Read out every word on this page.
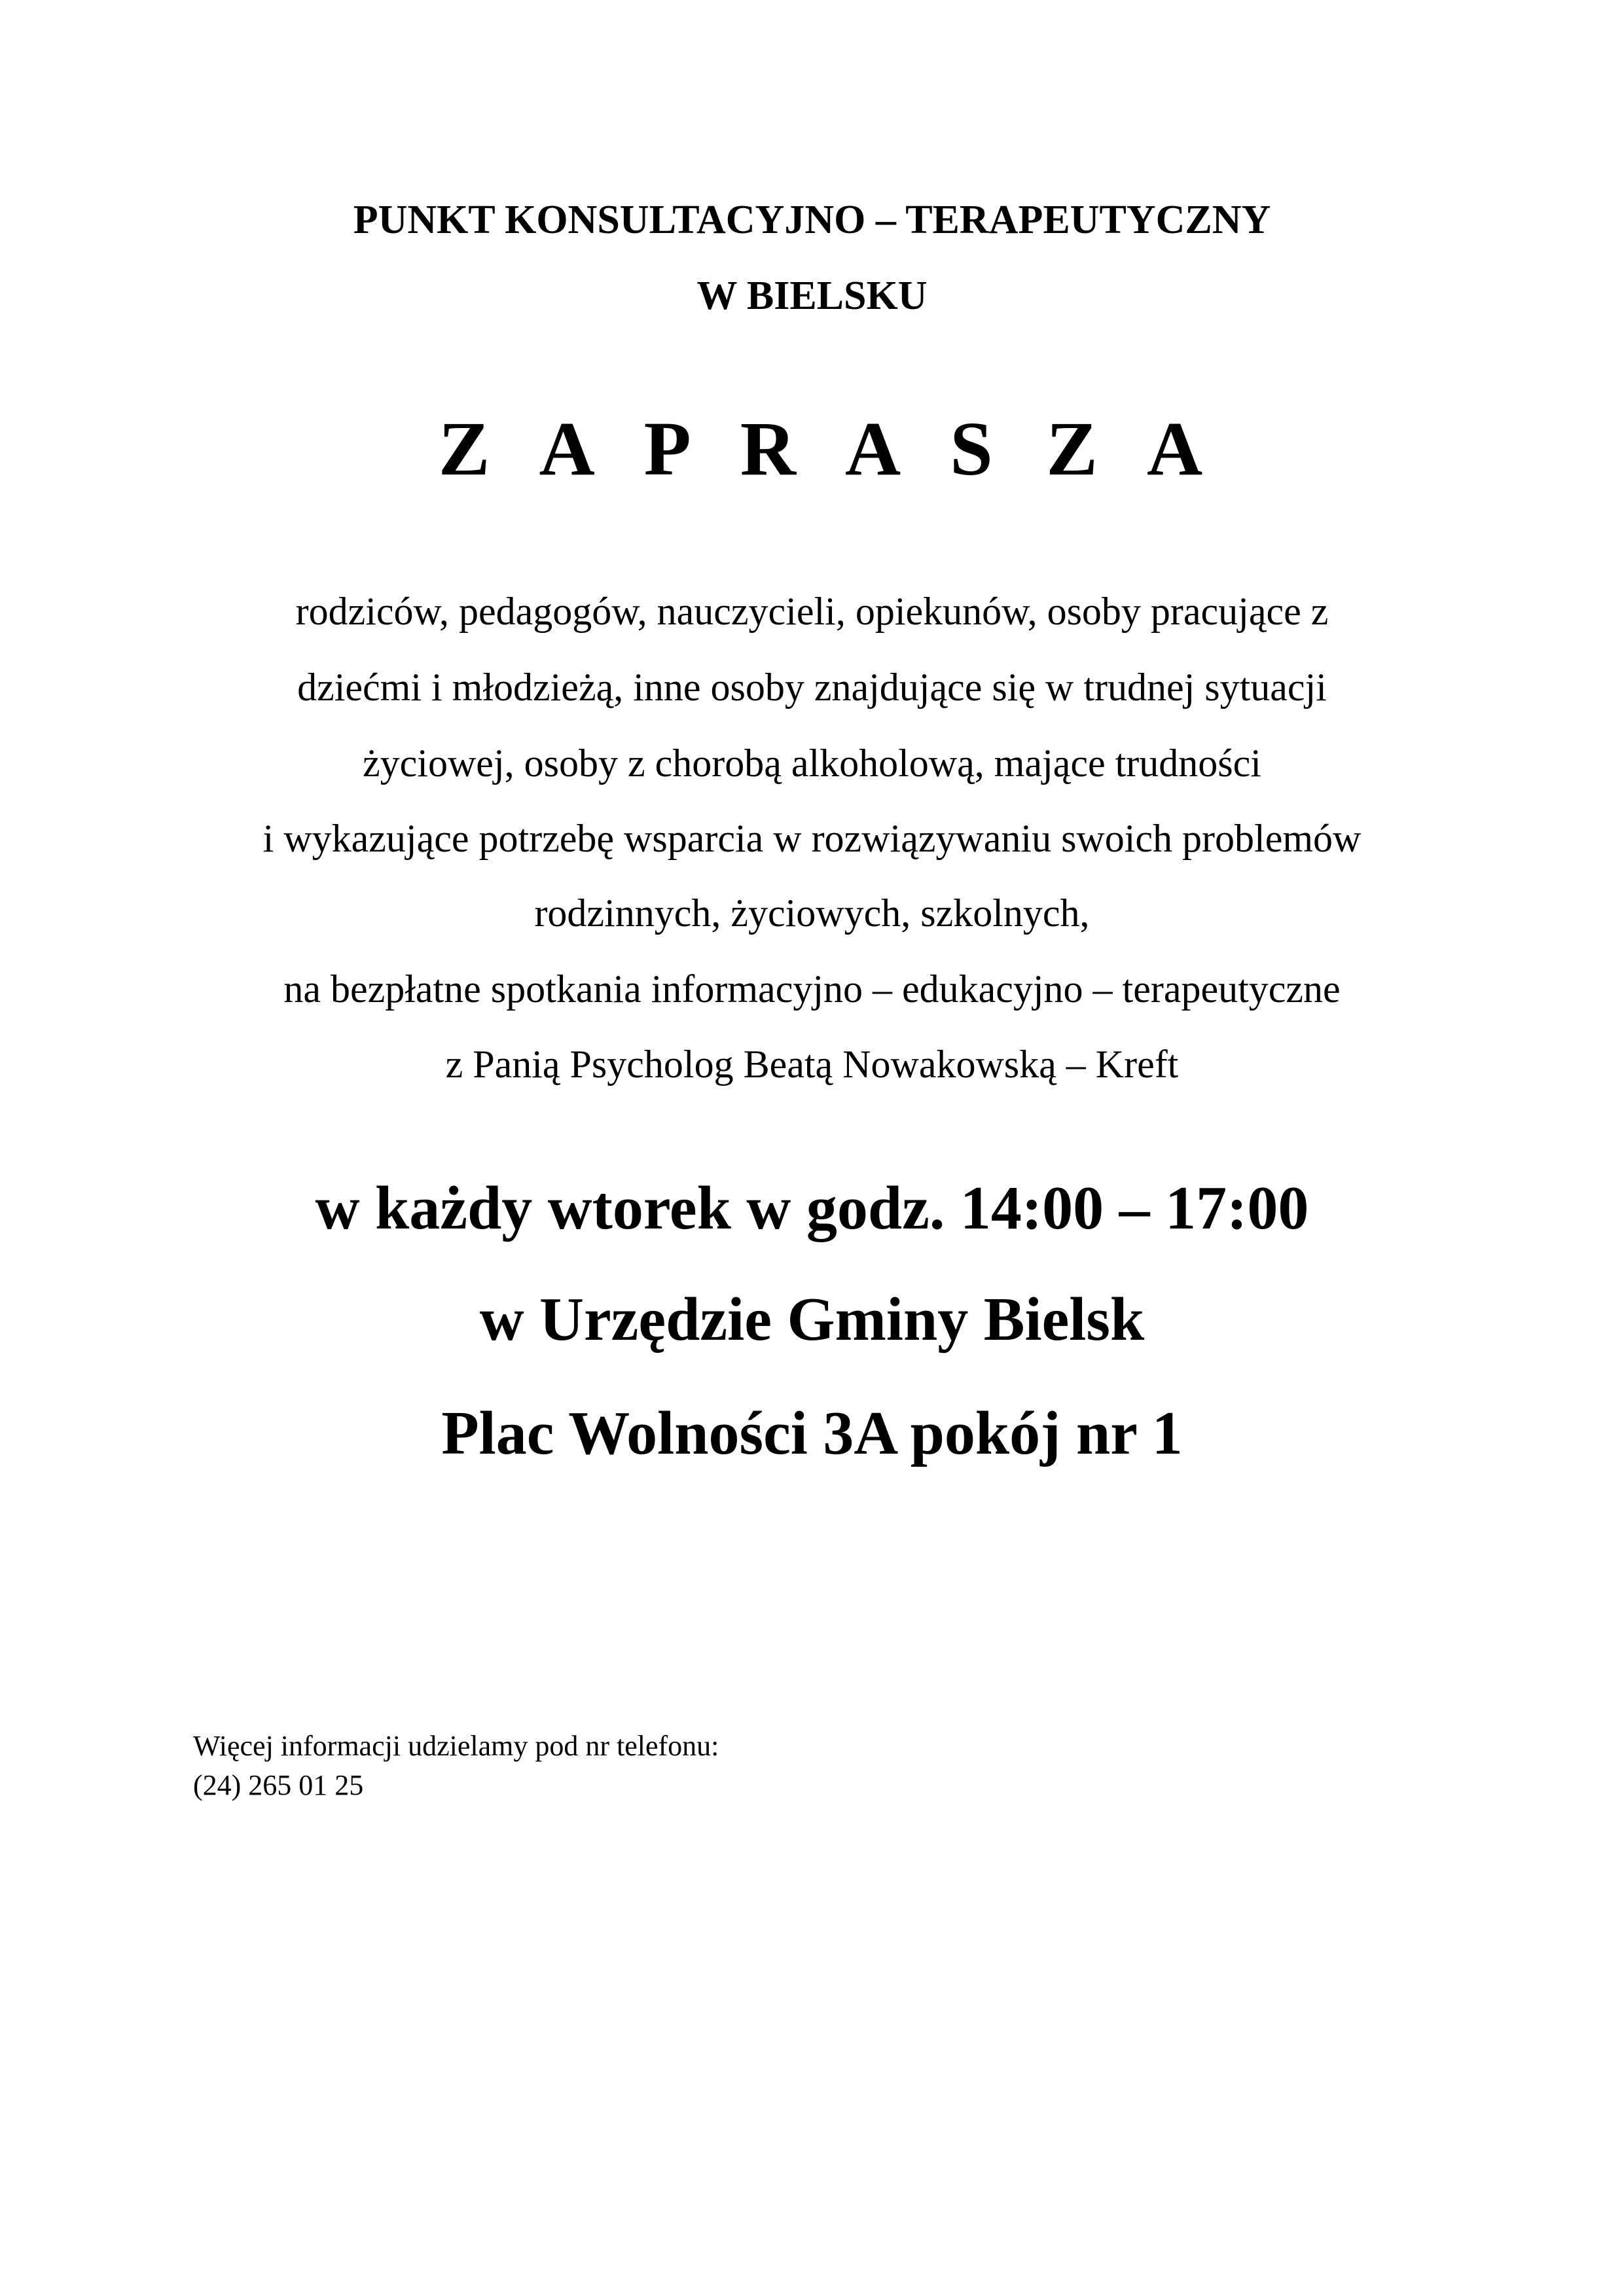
PUNKT KONSULTACYJNO – TERAPEUTYCZNY
W BIELSKU
Z A P R A S Z A
rodziców, pedagogów, nauczycieli, opiekunów, osoby pracujące z
dziećmi i młodzieżą, inne osoby znajdujące się w trudnej sytuacji
życiowej, osoby z chorobą alkoholową, mające trudności
i wykazujące potrzebę wsparcia w rozwiązywaniu swoich problemów
rodzinnych, życiowych, szkolnych,
na bezpłatne spotkania informacyjno – edukacyjno – terapeutyczne
z Panią Psycholog Beatą Nowakowską – Kreft
w każdy wtorek w godz. 14:00 – 17:00
w Urzędzie Gminy Bielsk
Plac Wolności 3A pokój nr 1
Więcej informacji udzielamy pod nr telefonu:
(24) 265 01 25
